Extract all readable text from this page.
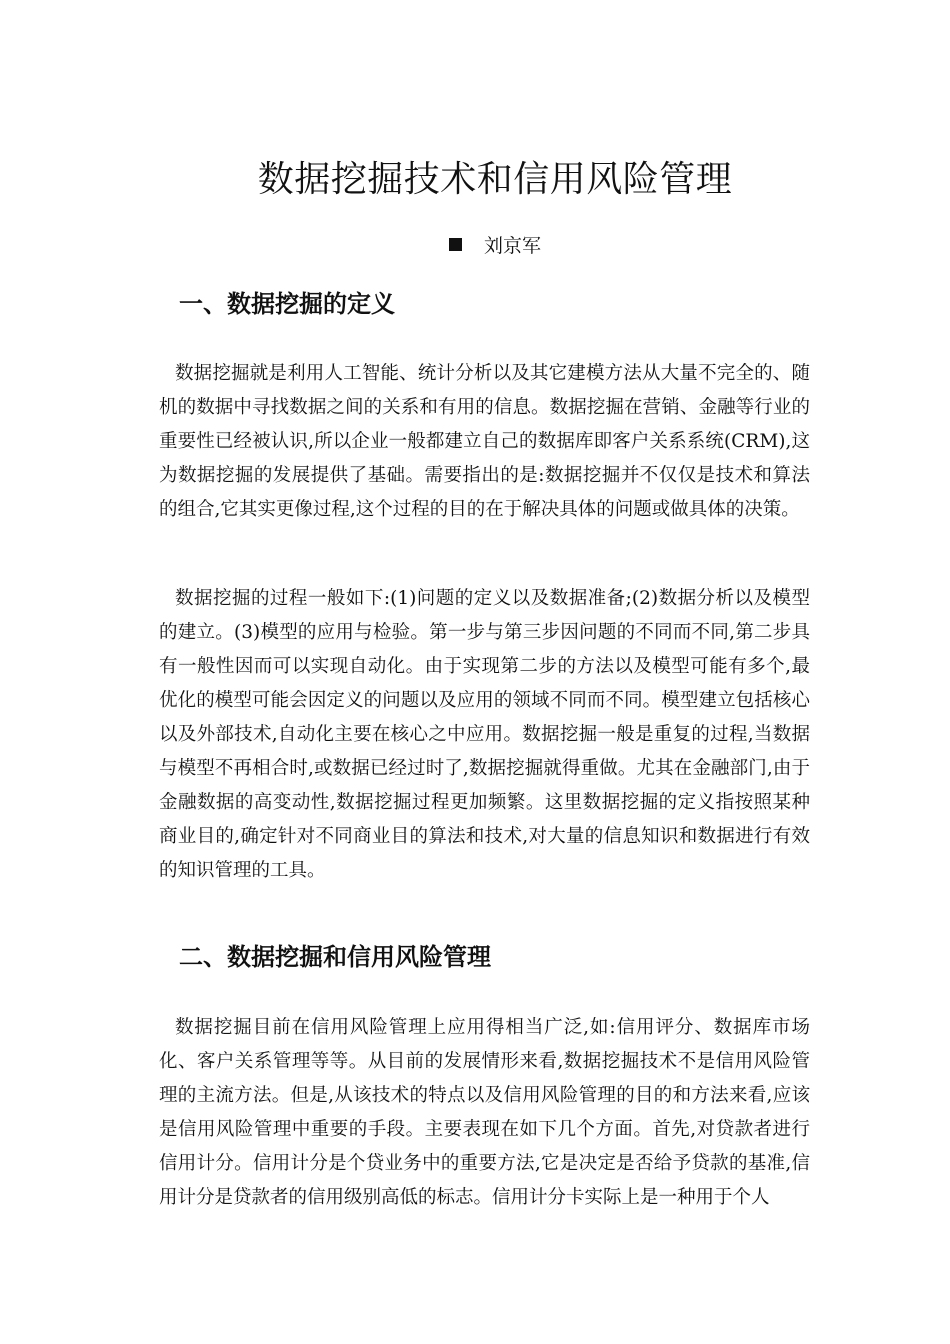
数据挖掘技术和信用风险管理
刘京军
一、数据挖掘的定义

数据挖掘就是利用人工智能、统计分析以及其它建模方法从大量不完全的、随机的数据中寻找数据之间的关系和有用的信息。数据挖掘在营销、金融等行业的重要性已经被认识,所以企业一般都建立自己的数据库即客户关系系统(CRM),这为数据挖掘的发展提供了基础。需要指出的是:数据挖掘并不仅仅是技术和算法的组合,它其实更像过程,这个过程的目的在于解决具体的问题或做具体的决策。

数据挖掘的过程一般如下:(1)问题的定义以及数据准备;(2)数据分析以及模型的建立。(3)模型的应用与检验。第一步与第三步因问题的不同而不同,第二步具有一般性因而可以实现自动化。由于实现第二步的方法以及模型可能有多个,最优化的模型可能会因定义的问题以及应用的领域不同而不同。模型建立包括核心以及外部技术,自动化主要在核心之中应用。数据挖掘一般是重复的过程,当数据与模型不再相合时,或数据已经过时了,数据挖掘就得重做。尤其在金融部门,由于金融数据的高变动性,数据挖掘过程更加频繁。这里数据挖掘的定义指按照某种商业目的,确定针对不同商业目的算法和技术,对大量的信息知识和数据进行有效的知识管理的工具。

二、数据挖掘和信用风险管理

数据挖掘目前在信用风险管理上应用得相当广泛,如:信用评分、数据库市场化、客户关系管理等等。从目前的发展情形来看,数据挖掘技术不是信用风险管理的主流方法。但是,从该技术的特点以及信用风险管理的目的和方法来看,应该是信用风险管理中重要的手段。主要表现在如下几个方面。首先,对贷款者进行信用计分。信用计分是个贷业务中的重要方法,它是决定是否给予贷款的基准,信用计分是贷款者的信用级别高低的标志。信用计分卡实际上是一种用于个人
